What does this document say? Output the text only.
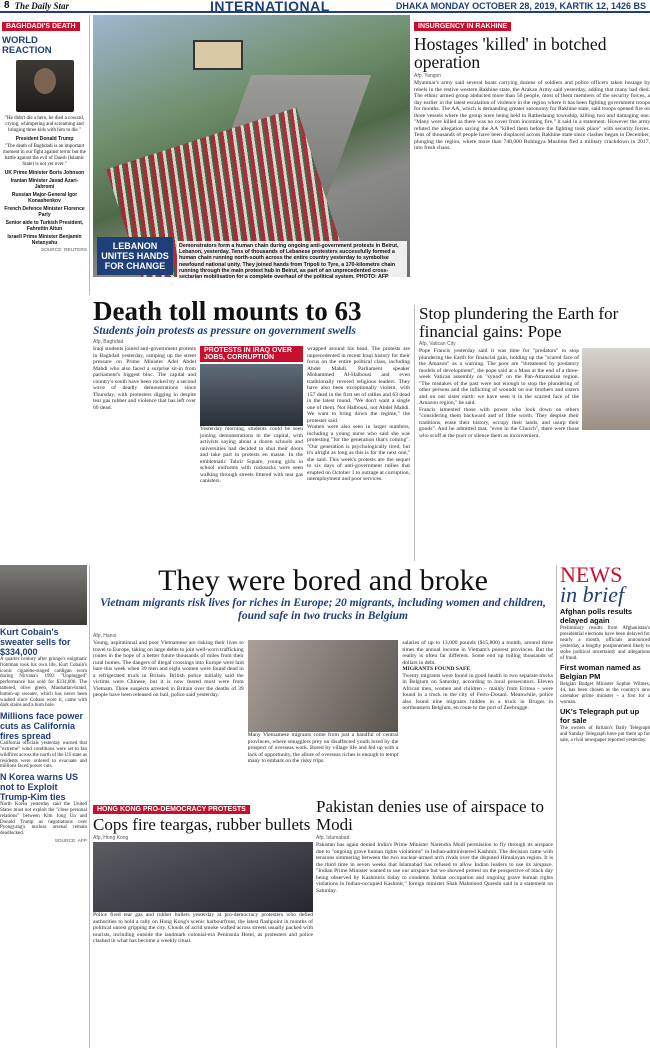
8 The Daily Star	INTERNATIONAL	DHAKA MONDAY OCTOBER 28, 2019, KARTIK 12, 1426 BS
BAGHDADI'S DEATH
WORLD REACTION

"He didn't die a hero, he died a coward, crying, whimpering and screaming and bringing three kids with him to die."

President Donald Trump

"The death of Baghdadi is an important moment in our fight against terror but the battle against the evil of Daesh (Islamic State) is not yet over."

UK Prime Minister Boris Johnson

Iranian Minister Javad Azari-Jahromi

Russian Major-General Igor Konashenkov

French Defence Minister Florence Parly

Senior aide to Turkish President, Fahrettin Altun

Israeli Prime Minister Benjamin Netanyahu

SOURCE: REUTERS	LEBANON UNITES HANDS FOR CHANGE
Demonstrators form a human chain during ongoing anti-government protests in Beirut, Lebanon, yesterday. Tens of thousands of Lebanese protesters successfully formed a human chain running north-south across the entire country yesterday to symbolise newfound national unity. They joined hands from Tripoli to Tyre, a 170-kilometre chain running through the main protest hub in Beirut, as part of an unprecedented cross-sectarian mobilisation for a complete overhaul of the political system. PHOTO: AFP
INSURGENCY IN RAKHINE
Hostages 'killed' in botched operation
Afp, Yangon

Myanmar's army said several boats carrying dozens of soldiers and police officers taken hostage by rebels in the restive western Rakhine state, the Arakan Army said yesterday, adding that many had died. The ethnic armed group abducted more than 50 people, most of them members of the security forces, a day earlier in the latest escalation of violence in the region where it has been fighting government troops for months. The AA, which is demanding greater autonomy for Rakhine state, said troops opened fire on three vessels where the group were being held in Rathedaung township, killing two and damaging one. "Many were killed as there was no cover from incoming fire," it said in a statement. However the army refuted the allegation saying the AA "killed them before the fighting took place" with security forces. Tens of thousands of people have been displaced across Rakhine state since clashes began in December, plunging the region, where more than 740,000 Rohingya Muslims fled a military crackdown in 2017, into fresh chaos.

Death toll mounts to 63
Students join protests as pressure on government swells
Afp, Baghdad

Iraqi students joined anti-government protests in Baghdad yesterday, ramping up the street pressure on Prime Minister Adel Abdel Mahdi who also faced a surprise sit-in from parliament's biggest bloc. The capital and country's south have been rocked by a second wave of deadly demonstrations since Thursday, with protesters digging in despite tear gas rubber and violence that has left over 60 dead.

PROTESTS IN IRAQ OVER JOBS, CORRUPTION

Yesterday morning, students could be seen joining demonstrations in the capital, with activists saying about a dozen schools and universities had decided to shut their doors and take part in protests en masse. In the emblematic Tahrir Square, young girls in school uniforms with rucksacks were seen walking through streets littered with tear gas canisters.

wrapped around his head. The protests are unprecedented in recent Iraqi history for their focus on the entire political class, including Abdel Mahdi. Parliament speaker Mohammed Al-Halbousi and even traditionally revered religious leaders. They have also been exceptionally violent, with 157 dead in the first set of rallies and 63 dead in the latest round. "We don't want a single one of them. Not Halbousi, not Abdel Mahdi. We want to bring down the regime," the protester said.

Women were also seen in larger numbers, including a young nurse who said she was protesting "for the generation that's coming". "Our generation is psychologically tired, but it's alright as long as this is for the next one," she said. This week's protests are the sequel to six days of anti-government rallies that erupted on October 1 to outrage at corruption, unemployment and poor services.

Stop plundering the Earth for financial gains: Pope
Afp, Vatican City

Pope Francis yesterday said it was time for "predators" to stop plundering the Earth for financial gain, holding up the "scared face of the Amazon" as a warning. The poor are "threatened by predatory models of development", the pope said at a Mass at the end of a three-week Vatican assembly on "synod" on the Pan-Amazonian region. "The mistakes of the past were not enough to stop the plundering of other persons and the inflicting of wounds on our brothers and sisters and on our sister earth: we have seen it in the scarred face of the Amazon region," he said.

Francis lamented those with power who look down on others "considering them backward and of little worth. They despise their traditions, erase their history, occupy their lands, and usurp their goods". And he admitted that, "even in the Church", there were those who scoff at the poor or silence them as inconvenient.

Kurt Cobain's sweater sells for $334,000

A quarter century after grunge's enigmatic frontman took his own life, Kurt Cobain's iconic cigarette-singed cardigan worn during Nirvana's 1993 "Unplugged" performance has sold for $334,000. The tattered, olive green, Manhattan-brand, button-up sweater, which has never been washed since Cobain wore it, came with dark stains and a burn hole.

Millions face power cuts as California fires spread

California officials yesterday warned that "extreme" wind conditions were set to fan wildfires across the north of the US state as residents were ordered to evacuate and millions faced power cuts.

N Korea warns US not to Exploit Trump-Kim ties

North Korea yesterday said the United States must not exploit the "close personal relations" between Kim Jong Un and Donald Trump as negotiations over Pyongyang's nuclear arsenal remain deadlocked.

SOURCE: AFP

They were bored and broke
Vietnam migrants risk lives for riches in Europe; 20 migrants, including women and children, found safe in two trucks in Belgium
Afp, Hanoi

Young, aspirational and poor Vietnamese are risking their lives to travel to Europe, taking on large debts to join well-worn trafficking routes in the hope of a better future thousands of miles from their rural homes. The dangers of illegal crossings into Europe were laid bare this week when 39 men and eight women were found dead in a refrigerated truck in Britain. British police initially said the victims were Chinese, but it is now feared most were from Vietnam. Three suspects arrested in Britain over the deaths of 39 people have been released on bail, police said yesterday.

Many Vietnamese migrants come from just a handful of central provinces, where smugglers prey on disaffected youth lured by the prospect of overseas work. Bored by village life and fed up with a lack of opportunity, the allure of overseas riches is enough to tempt many to embark on the risky trips.

salaries of up to 13,000 pounds ($15,800) a month, around three times the annual income in Vietnam's poorest provinces. But the reality is often far different. Some end up toiling thousands of dollars in debt.

MIGRANTS FOUND SAFE

Twenty migrants were found in good health in two separate trucks in Belgium on Saturday, according to local prosecutors. Eleven African men, women and children – mainly from Eritrea – were found in a truck in the city of Ferro-Dosanl. Meanwhile, police also found nine migrants hidden in a truck in Bruges in northeastern Belgium, en route to the port of Zeebrugge.

NEWS
in brief
Afghan polls results delayed again

Preliminary results from Afghanistan's presidential elections have been delayed for nearly a month, officials announced yesterday, a lengthy postponement likely to stoke political uncertainty and allegations of fraud.

First woman named as Belgian PM

Belgian Budget Minister Sophie Wilmes, 44, has been chosen as the country's new caretaker prime minister – a first for a woman.

UK's Telegraph put up for sale

The owners of Britain's Daily Telegraph and Sunday Telegraph have put them up for sale, a rival newspaper reported yesterday.

HONG KONG PRO-DEMOCRACY PROTESTS
Cops fire teargas, rubber bullets
Afp, Hong Kong

Police fired tear gas and rubber bullets yesterday at pro-democracy protesters who defied authorities to hold a rally on Hong Kong's scenic harbourfront, the latest flashpoint in months of political unrest gripping the city. Clouds of acrid smoke wafted across streets usually packed with tourists, including outside the landmark colonial-era Peninsula Hotel, as protesters and police clashed in what has become a weekly ritual.

Pakistan denies use of airspace to Modi
Afp, Islamabad

Pakistan has again denied India's Prime Minister Narendra Modi permission to fly through its airspace due to "ongoing grave human rights violations" in Indian-administered Kashmir. The decision came with tensions simmering between the two nuclear-armed arch rivals over the disputed Himalayan region. It is the third time in seven weeks that Islamabad has refused to allow Indian leaders to use its airspace. "Indian Prime Minister wanted to use our airspace but we showed protest on the prospective of black day being observed by Kashmiris today to condemn Indian occupation and ongoing grave human rights violations in Indian-occupied Kashmir," foreign minister Shah Mahmood Qureshi said in a statement on Saturday.
